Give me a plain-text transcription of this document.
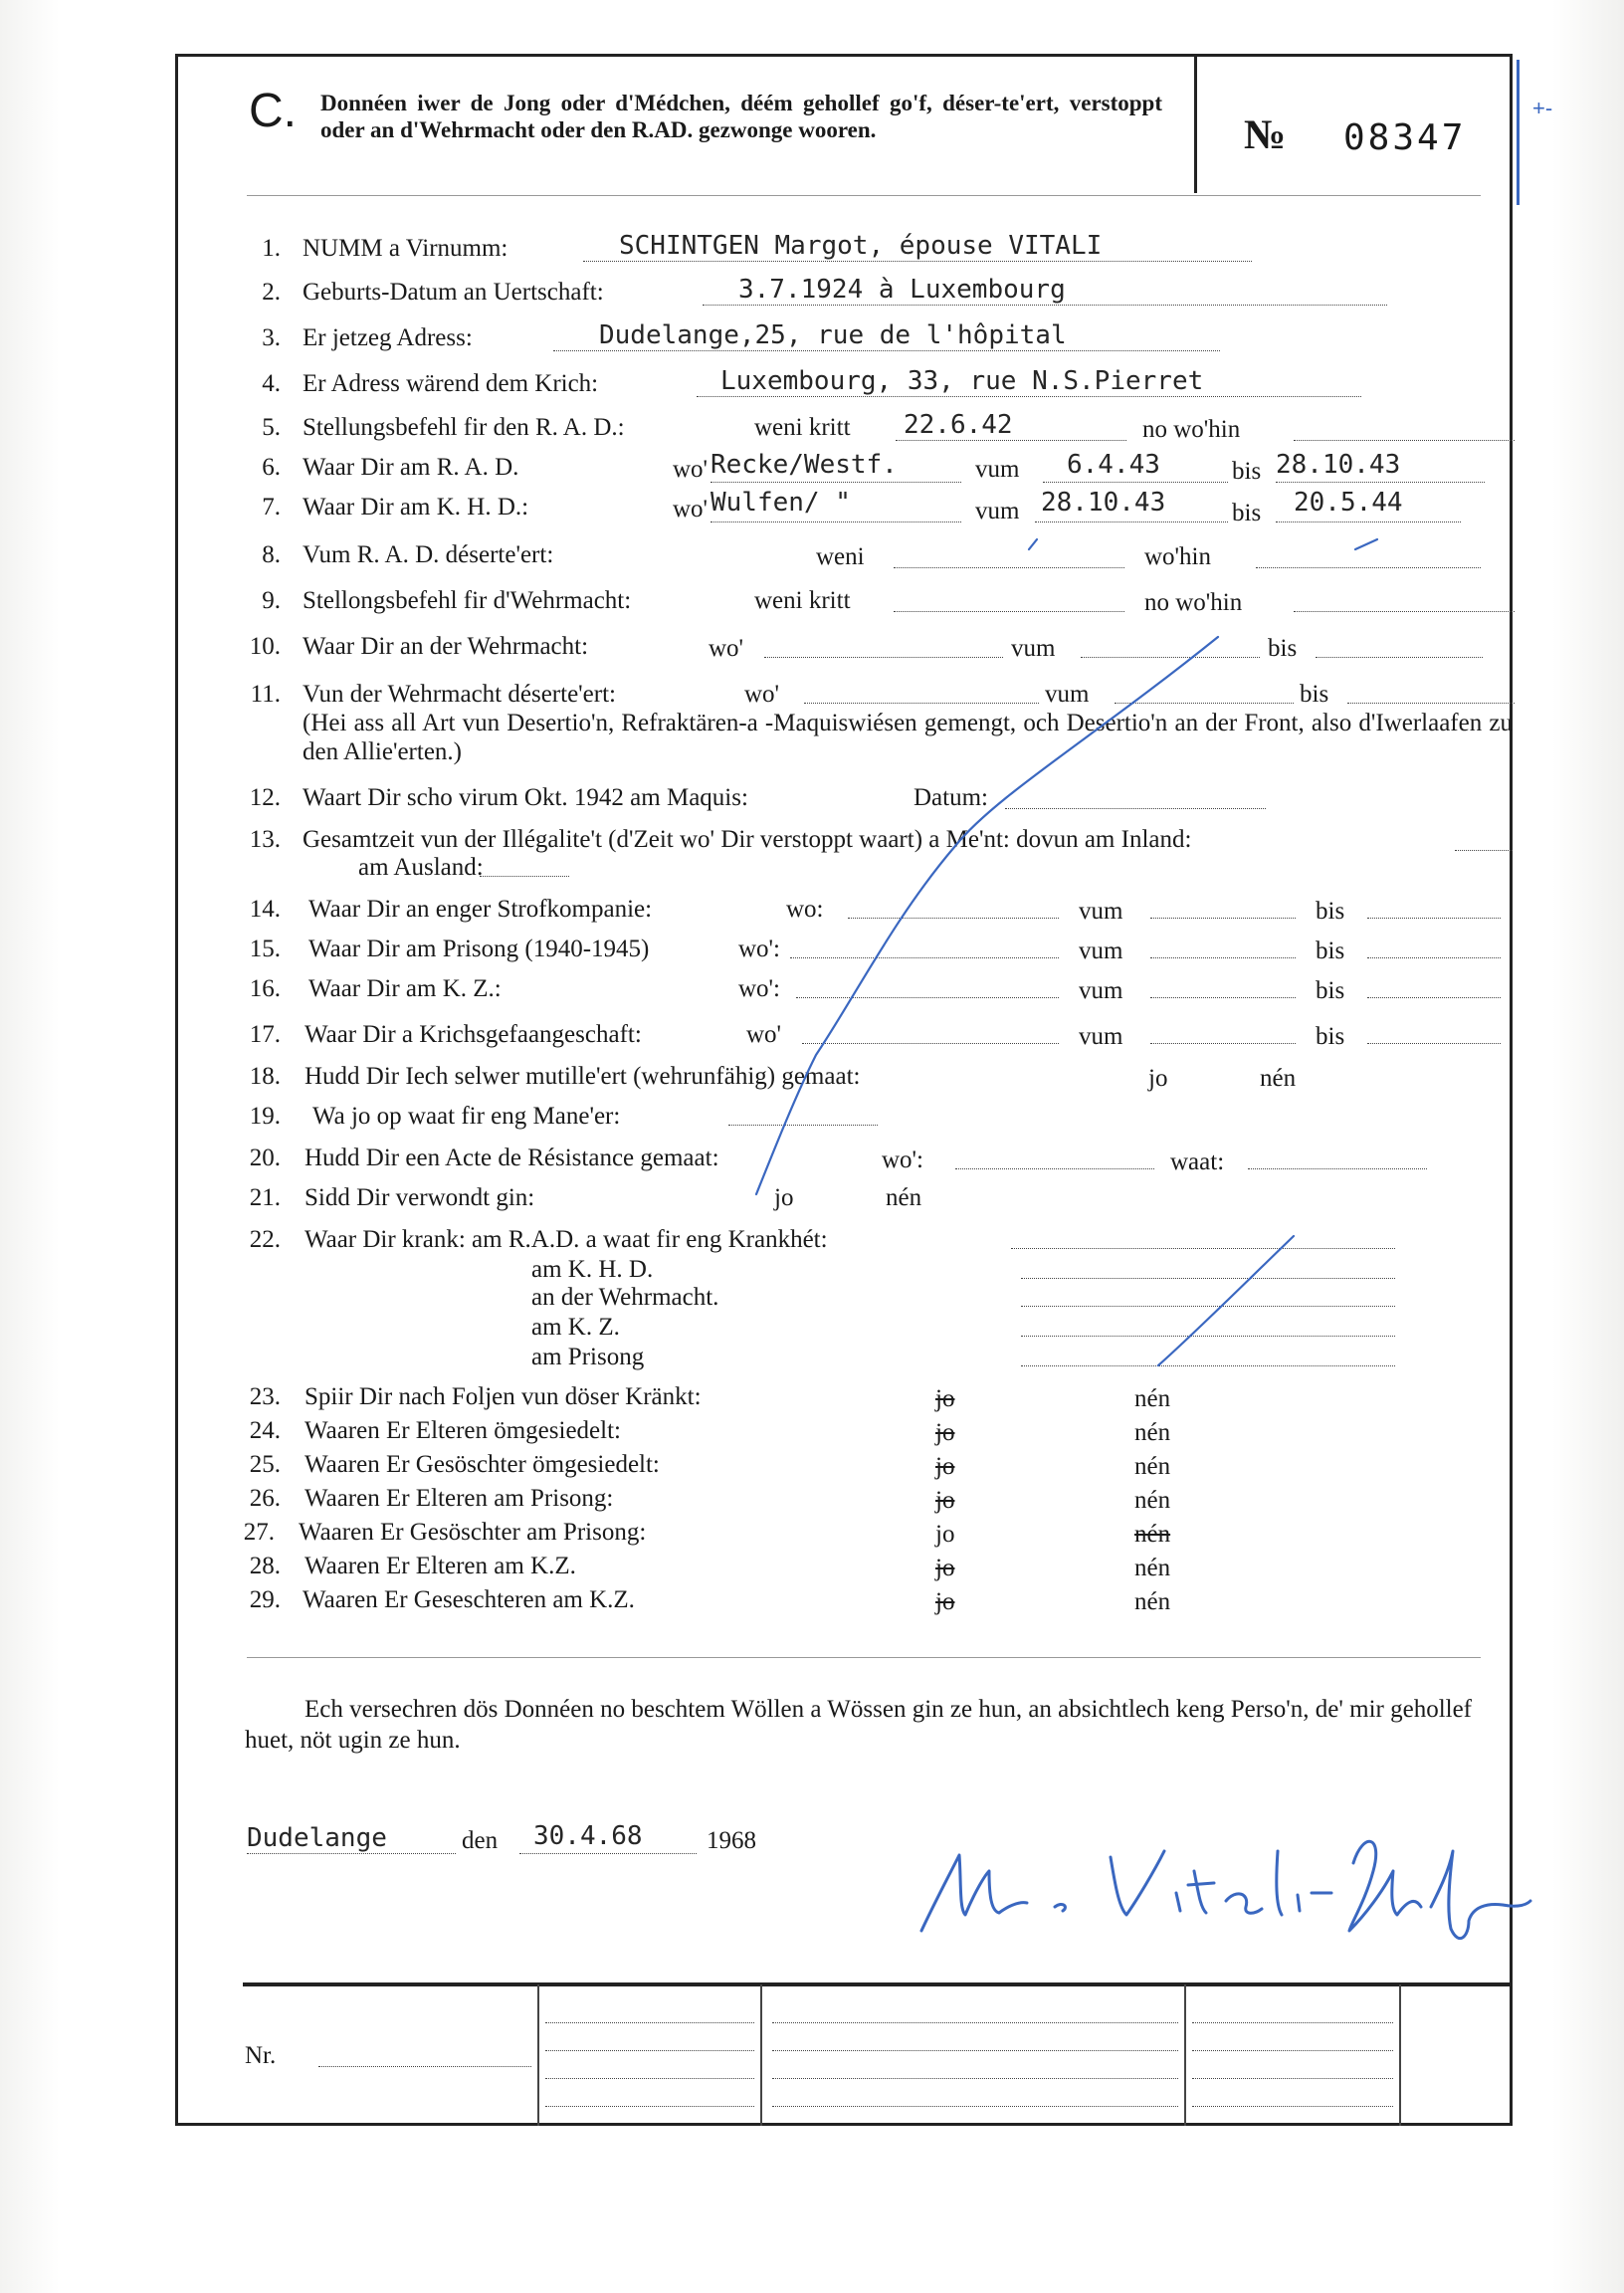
C. Donnéen iwer de Jong oder d'Médchen, déém gehollef go'f, déser-te'ert, verstoppt oder an d'Wehrmacht oder den R.AD. gezwonge wooren.	№ 08347
+-
1. NUMM a Virnumm:	SCHINTGEN Margot, épouse VITALI
2. Geburts-Datum an Uertschaft:	3.7.1924 à Luxembourg
3. Er jetzeg Adress:	Dudelange,25, rue de l'hôpital
4. Er Adress wärend dem Krich:	Luxembourg, 33, rue N.S.Pierret
5. Stellungsbefehl fir den R. A. D.:	weni kritt 22.6.42	no wo'hin
6. Waar Dir am R. A. D.	wo' Recke/Westf.	vum 6.4.43	bis 28.10.43
7. Waar Dir am K. H. D.:	wo' Wulfen/ "	vum 28.10.43	bis 20.5.44
8. Vum R. A. D. déserte'ert:	weni	wo'hin
9. Stellongsbefehl fir d'Wehrmacht:	weni kritt	no wo'hin
10. Waar Dir an der Wehrmacht:	wo'	vum	bis
11. Vun der Wehrmacht déserte'ert:	wo'	vum	bis
(Hei ass all Art vun Desertio'n, Refraktären-a -Maquiswiésen gemengt, och Desertio'n an der Front, also d'Iwerlaafen zu den Allie'erten.)
12. Waart Dir scho virum Okt. 1942 am Maquis:	Datum:
13. Gesamtzeit vun der Illégalite't (d'Zeit wo' Dir verstoppt waart) a Me'nt: dovun am Inland:
am Ausland:
14. Waar Dir an enger Strofkompanie:	wo:	vum	bis
15. Waar Dir am Prisong (1940-1945)	wo':	vum	bis
16. Waar Dir am K. Z.:	wo':	vum	bis
17. Waar Dir a Krichsgefaangeschaft:	wo'	vum	bis
18. Hudd Dir Iech selwer mutille'ert (wehrunfähig) gemaat:	jo	nén
19. Wa jo op waat fir eng Mane'er:
20. Hudd Dir een Acte de Résistance gemaat:	wo':	waat:
21. Sidd Dir verwondt gin:	jo	nén
22. Waar Dir krank: am R.A.D. a waat fir eng Krankhét:
am K. H. D.
an der Wehrmacht.
am K. Z.
am Prisong
23. Spiir Dir nach Foljen vun döser Kränkt:	jo	nén
24. Waaren Er Elteren ömgesiedelt:	jo	nén
25. Waaren Er Gesöschter ömgesiedelt:	jo	nén
26. Waaren Er Elteren am Prisong:	jo	nén
27. Waaren Er Gesöschter am Prisong:	jo	nén
28. Waaren Er Elteren am K.Z.	jo	nén
29. Waaren Er Geseschteren am K.Z.	jo	nén
Ech versechren dös Donnéen no beschtem Wöllen a Wössen gin ze hun, an absichtlech keng Perso'n, de' mir gehollef huet, nöt ugin ze hun.
Dudelange	den 30.4.68	1968
Nr.
